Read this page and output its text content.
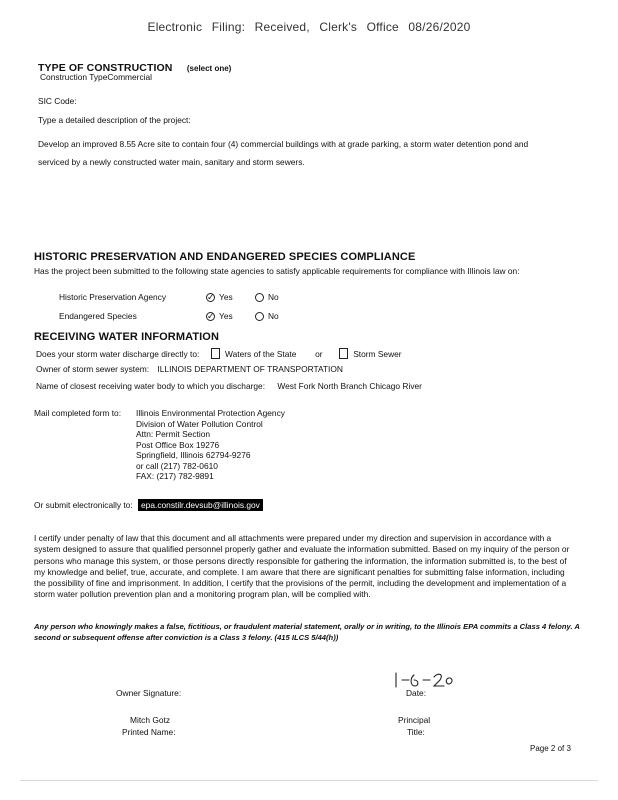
Electronic Filing: Received, Clerk's Office 08/26/2020
TYPE OF CONSTRUCTION (select one)
Construction TypeCommercial
SIC Code:
Type a detailed description of the project:
Develop an improved 8.55 Acre site to contain four (4) commercial buildings with at grade parking, a storm water detention pond and serviced by a newly constructed water main, sanitary and storm sewers.
HISTORIC PRESERVATION AND ENDANGERED SPECIES COMPLIANCE
Has the project been submitted to the following state agencies to satisfy applicable requirements for compliance with Illinois law on:
Historic Preservation Agency ✓	Yes	No
Endangered Species ✓	Yes	No
RECEIVING WATER INFORMATION
Does your storm water discharge directly to:	Waters of the State or	Storm Sewer
Owner of storm sewer system: ILLINOIS DEPARTMENT OF TRANSPORTATION
Name of closest receiving water body to which you discharge: West Fork North Branch Chicago River
Mail completed form to: Illinois Environmental Protection Agency
Division of Water Pollution Control
Attn: Permit Section
Post Office Box 19276
Springfield, Illinois 62794-9276
or call (217) 782-0610
FAX: (217) 782-9891
Or submit electronically to: epa.constilr.devsub@illinois.gov
I certify under penalty of law that this document and all attachments were prepared under my direction and supervision in accordance with a system designed to assure that qualified personnel properly gather and evaluate the information submitted. Based on my inquiry of the person or persons who manage this system, or those persons directly responsible for gathering the information, the information submitted is, to the best of my knowledge and belief, true, accurate, and complete. I am aware that there are significant penalties for submitting false information, including the possibility of fine and imprisonment. In addition, I certify that the provisions of the permit, including the development and implementation of a storm water pollution prevention plan and a monitoring program plan, will be complied with.
Any person who knowingly makes a false, fictitious, or fraudulent material statement, orally or in writing, to the Illinois EPA commits a Class 4 felony. A second or subsequent offense after conviction is a Class 3 felony. (415 ILCS 5/44(h))
Owner Signature:	Date:
Mitch Gotz
Printed Name:
Principal
Title:
Page 2 of 3
